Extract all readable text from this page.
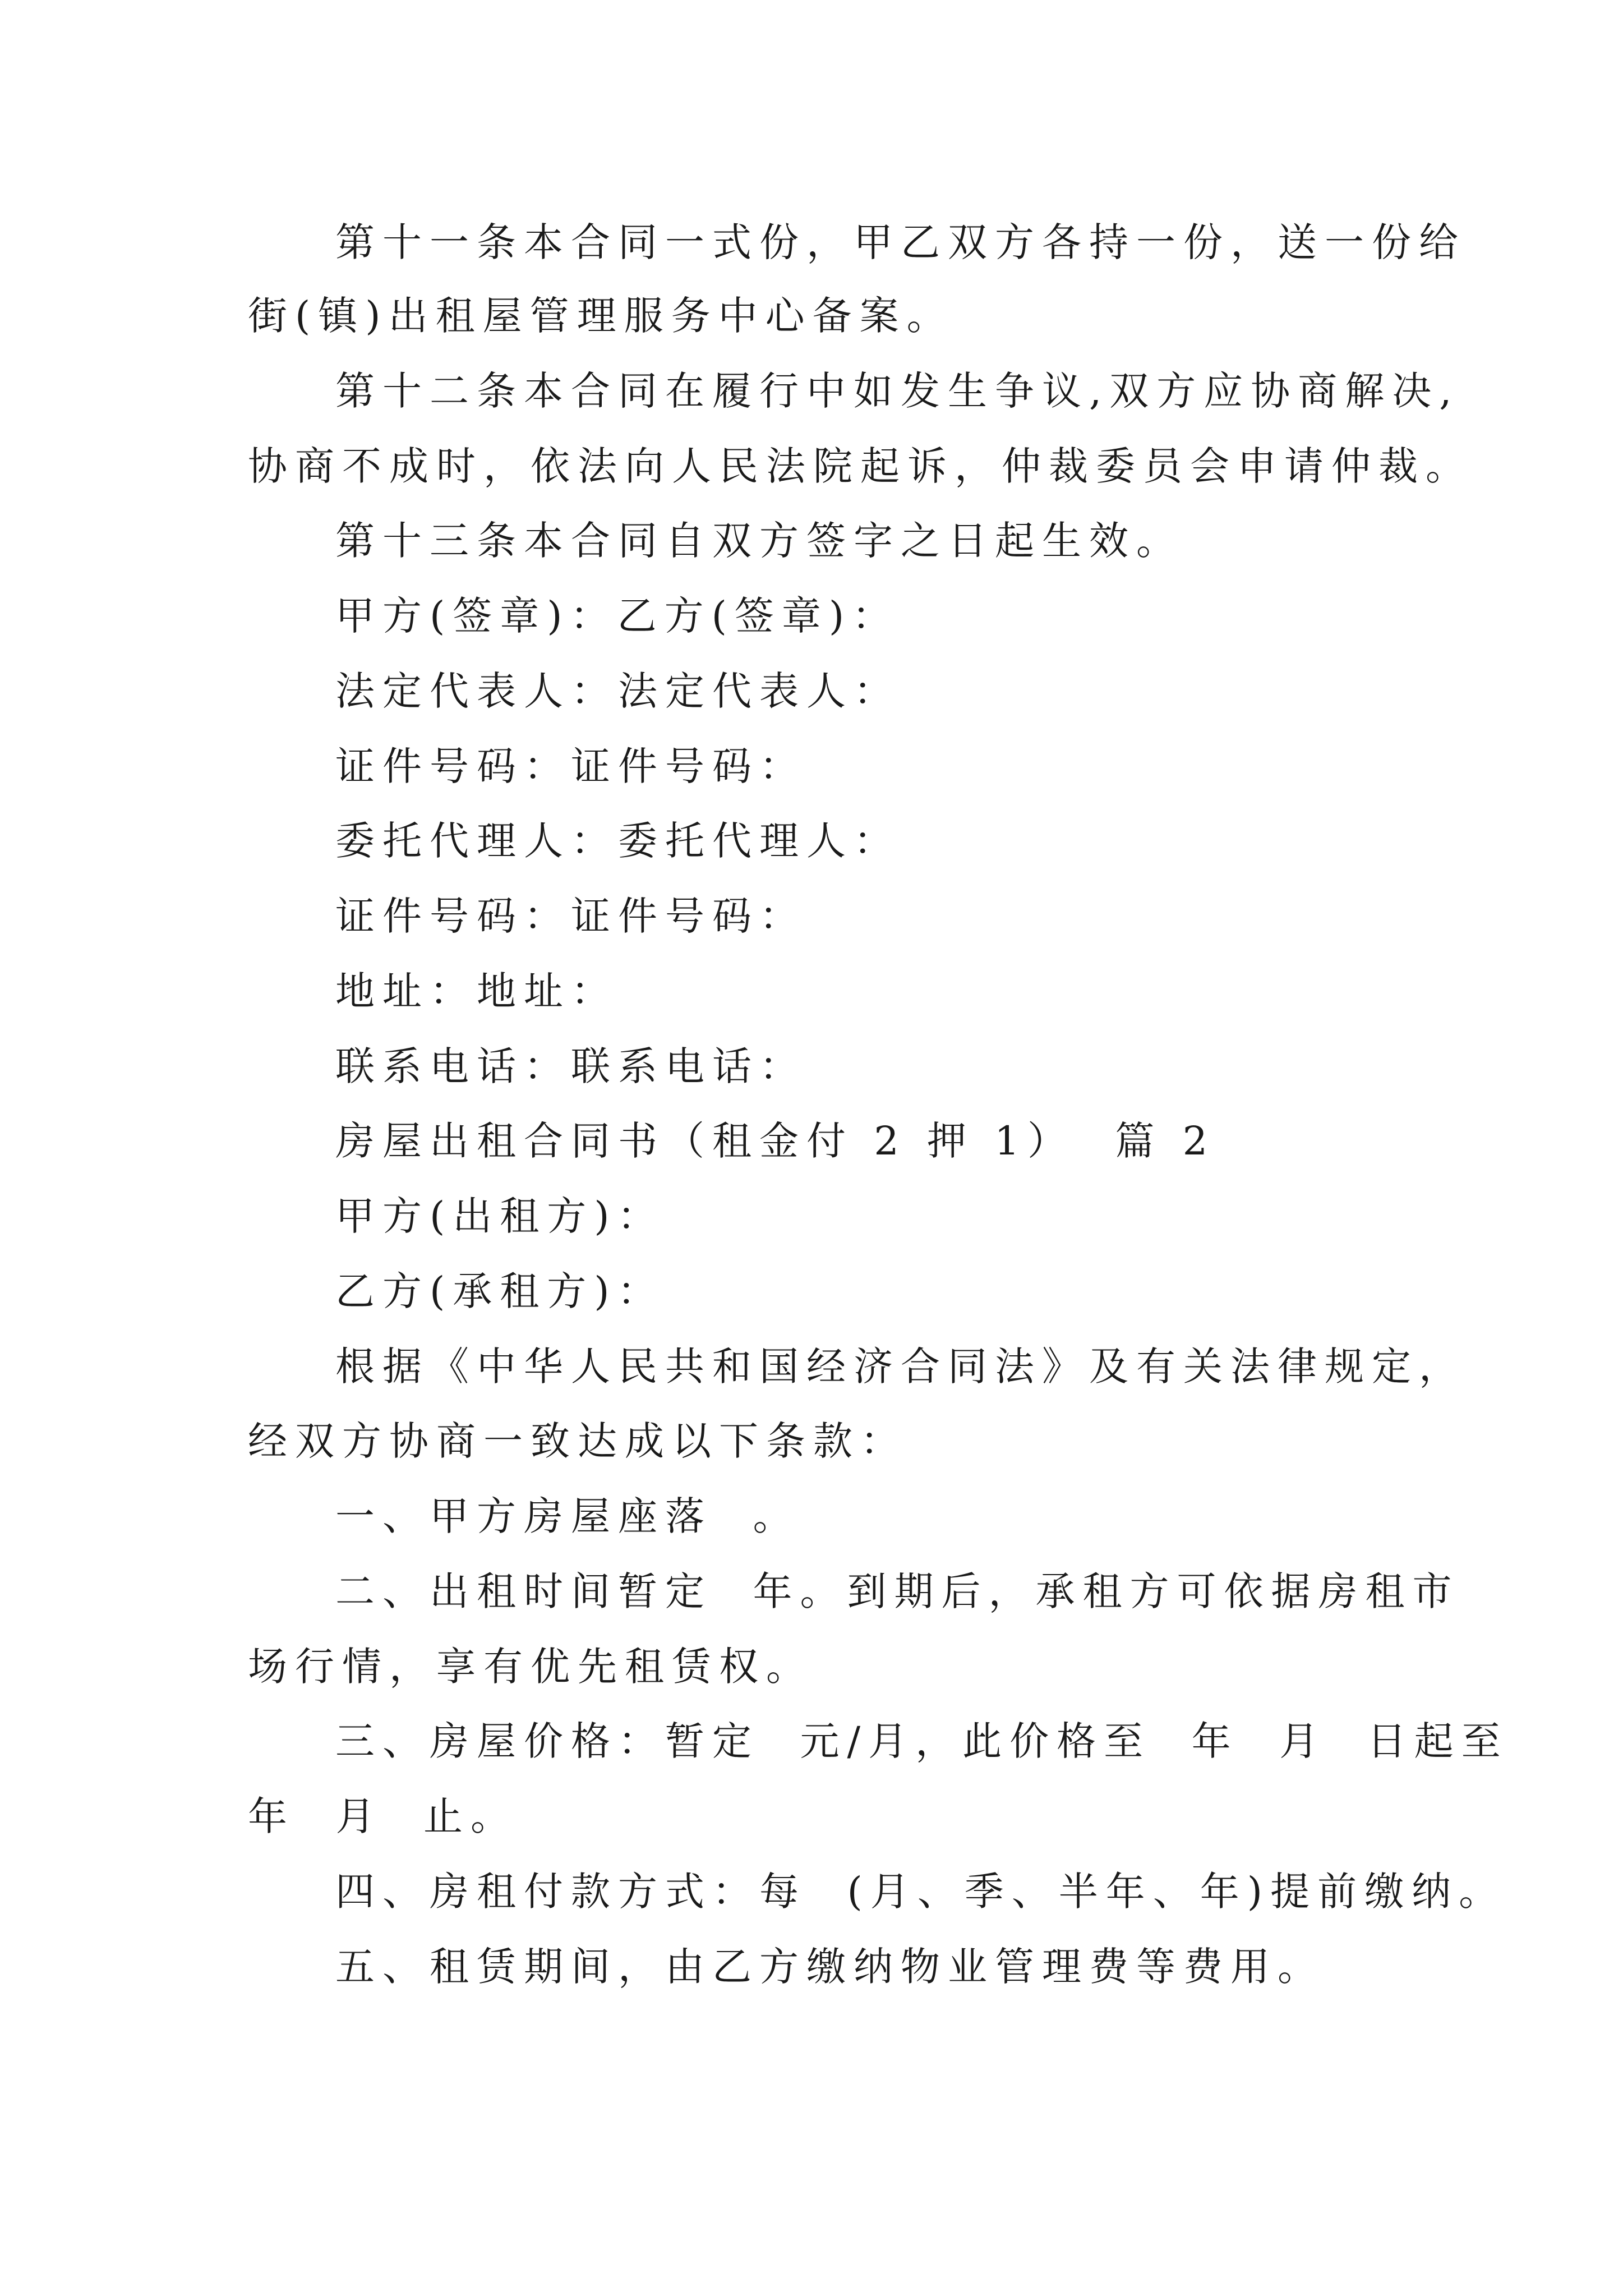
第十一条本合同一式份，甲乙双方各持一份，送一份给
街(镇)出租屋管理服务中心备案。
第十二条本合同在履行中如发生争议,双方应协商解决,
协商不成时，依法向人民法院起诉，仲裁委员会申请仲裁。
第十三条本合同自双方签字之日起生效。
甲方(签章)：乙方(签章)：
法定代表人：法定代表人：
证件号码：证件号码：
委托代理人：委托代理人：
证件号码：证件号码：
地址：地址：
联系电话：联系电话：
房屋出租合同书（租金付 2 押 1）  篇 2
甲方(出租方)：
乙方(承租方)：
根据《中华人民共和国经济合同法》及有关法律规定，
经双方协商一致达成以下条款：
一、甲方房屋座落  。
二、出租时间暂定  年。到期后，承租方可依据房租市
场行情，享有优先租赁权。
三、房屋价格：暂定  元/月，此价格至  年  月  日起至
年  月  止。
四、房租付款方式：每  (月、季、半年、年)提前缴纳。
五、租赁期间，由乙方缴纳物业管理费等费用。
